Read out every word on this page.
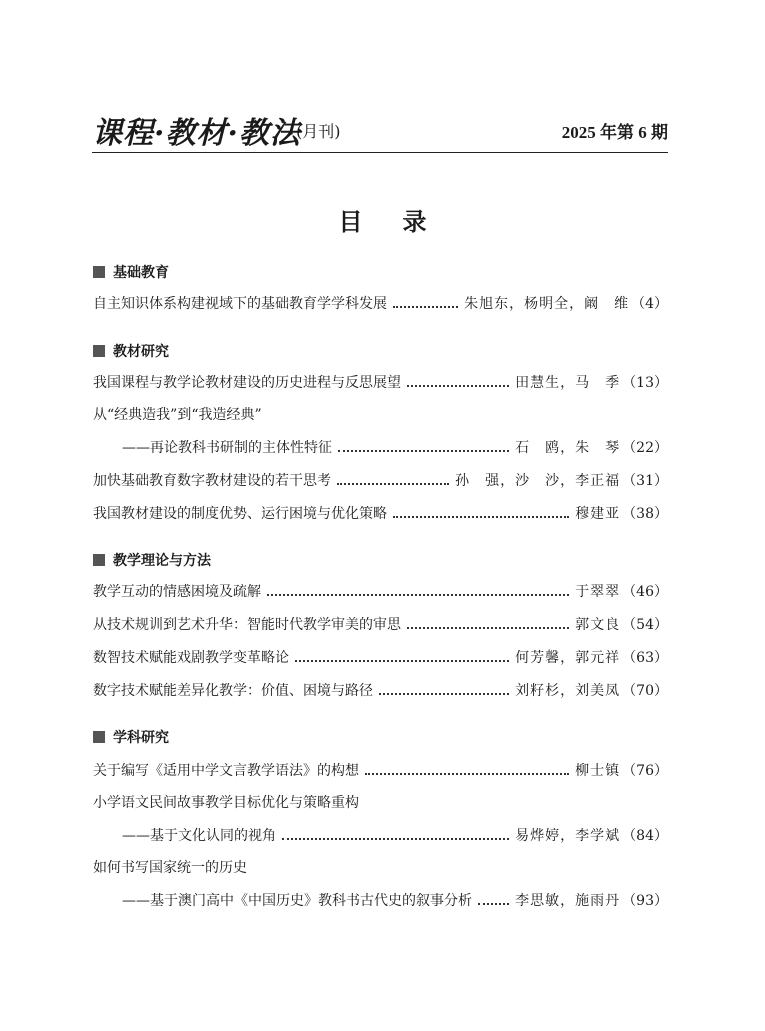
课程·教材·教法
(月刊)	2025 年第 6 期
目录
基础教育
自主知识体系构建视域下的基础教育学学科发展	朱旭东，杨明全，阚　维 （4）
教材研究
我国课程与教学论教材建设的历史进程与反思展望	田慧生，马　季 （13）
从“经典造我”到“我造经典”
——再论教科书研制的主体性特征	石　鸥，朱　琴 （22）
加快基础教育数字教材建设的若干思考	孙　强，沙　沙，李正福 （31）
我国教材建设的制度优势、运行困境与优化策略	穆建亚 （38）
教学理论与方法
教学互动的情感困境及疏解	于翠翠 （46）
从技术规训到艺术升华：智能时代教学审美的审思	郭文良 （54）
数智技术赋能戏剧教学变革略论	何芳馨，郭元祥 （63）
数字技术赋能差异化教学：价值、困境与路径	刘籽杉，刘美凤 （70）
学科研究
关于编写《适用中学文言教学语法》的构想	柳士镇 （76）
小学语文民间故事教学目标优化与策略重构
——基于文化认同的视角	易烨婷，李学斌 （84）
如何书写国家统一的历史
——基于澳门高中《中国历史》教科书古代史的叙事分析	李思敏，施雨丹 （93）
